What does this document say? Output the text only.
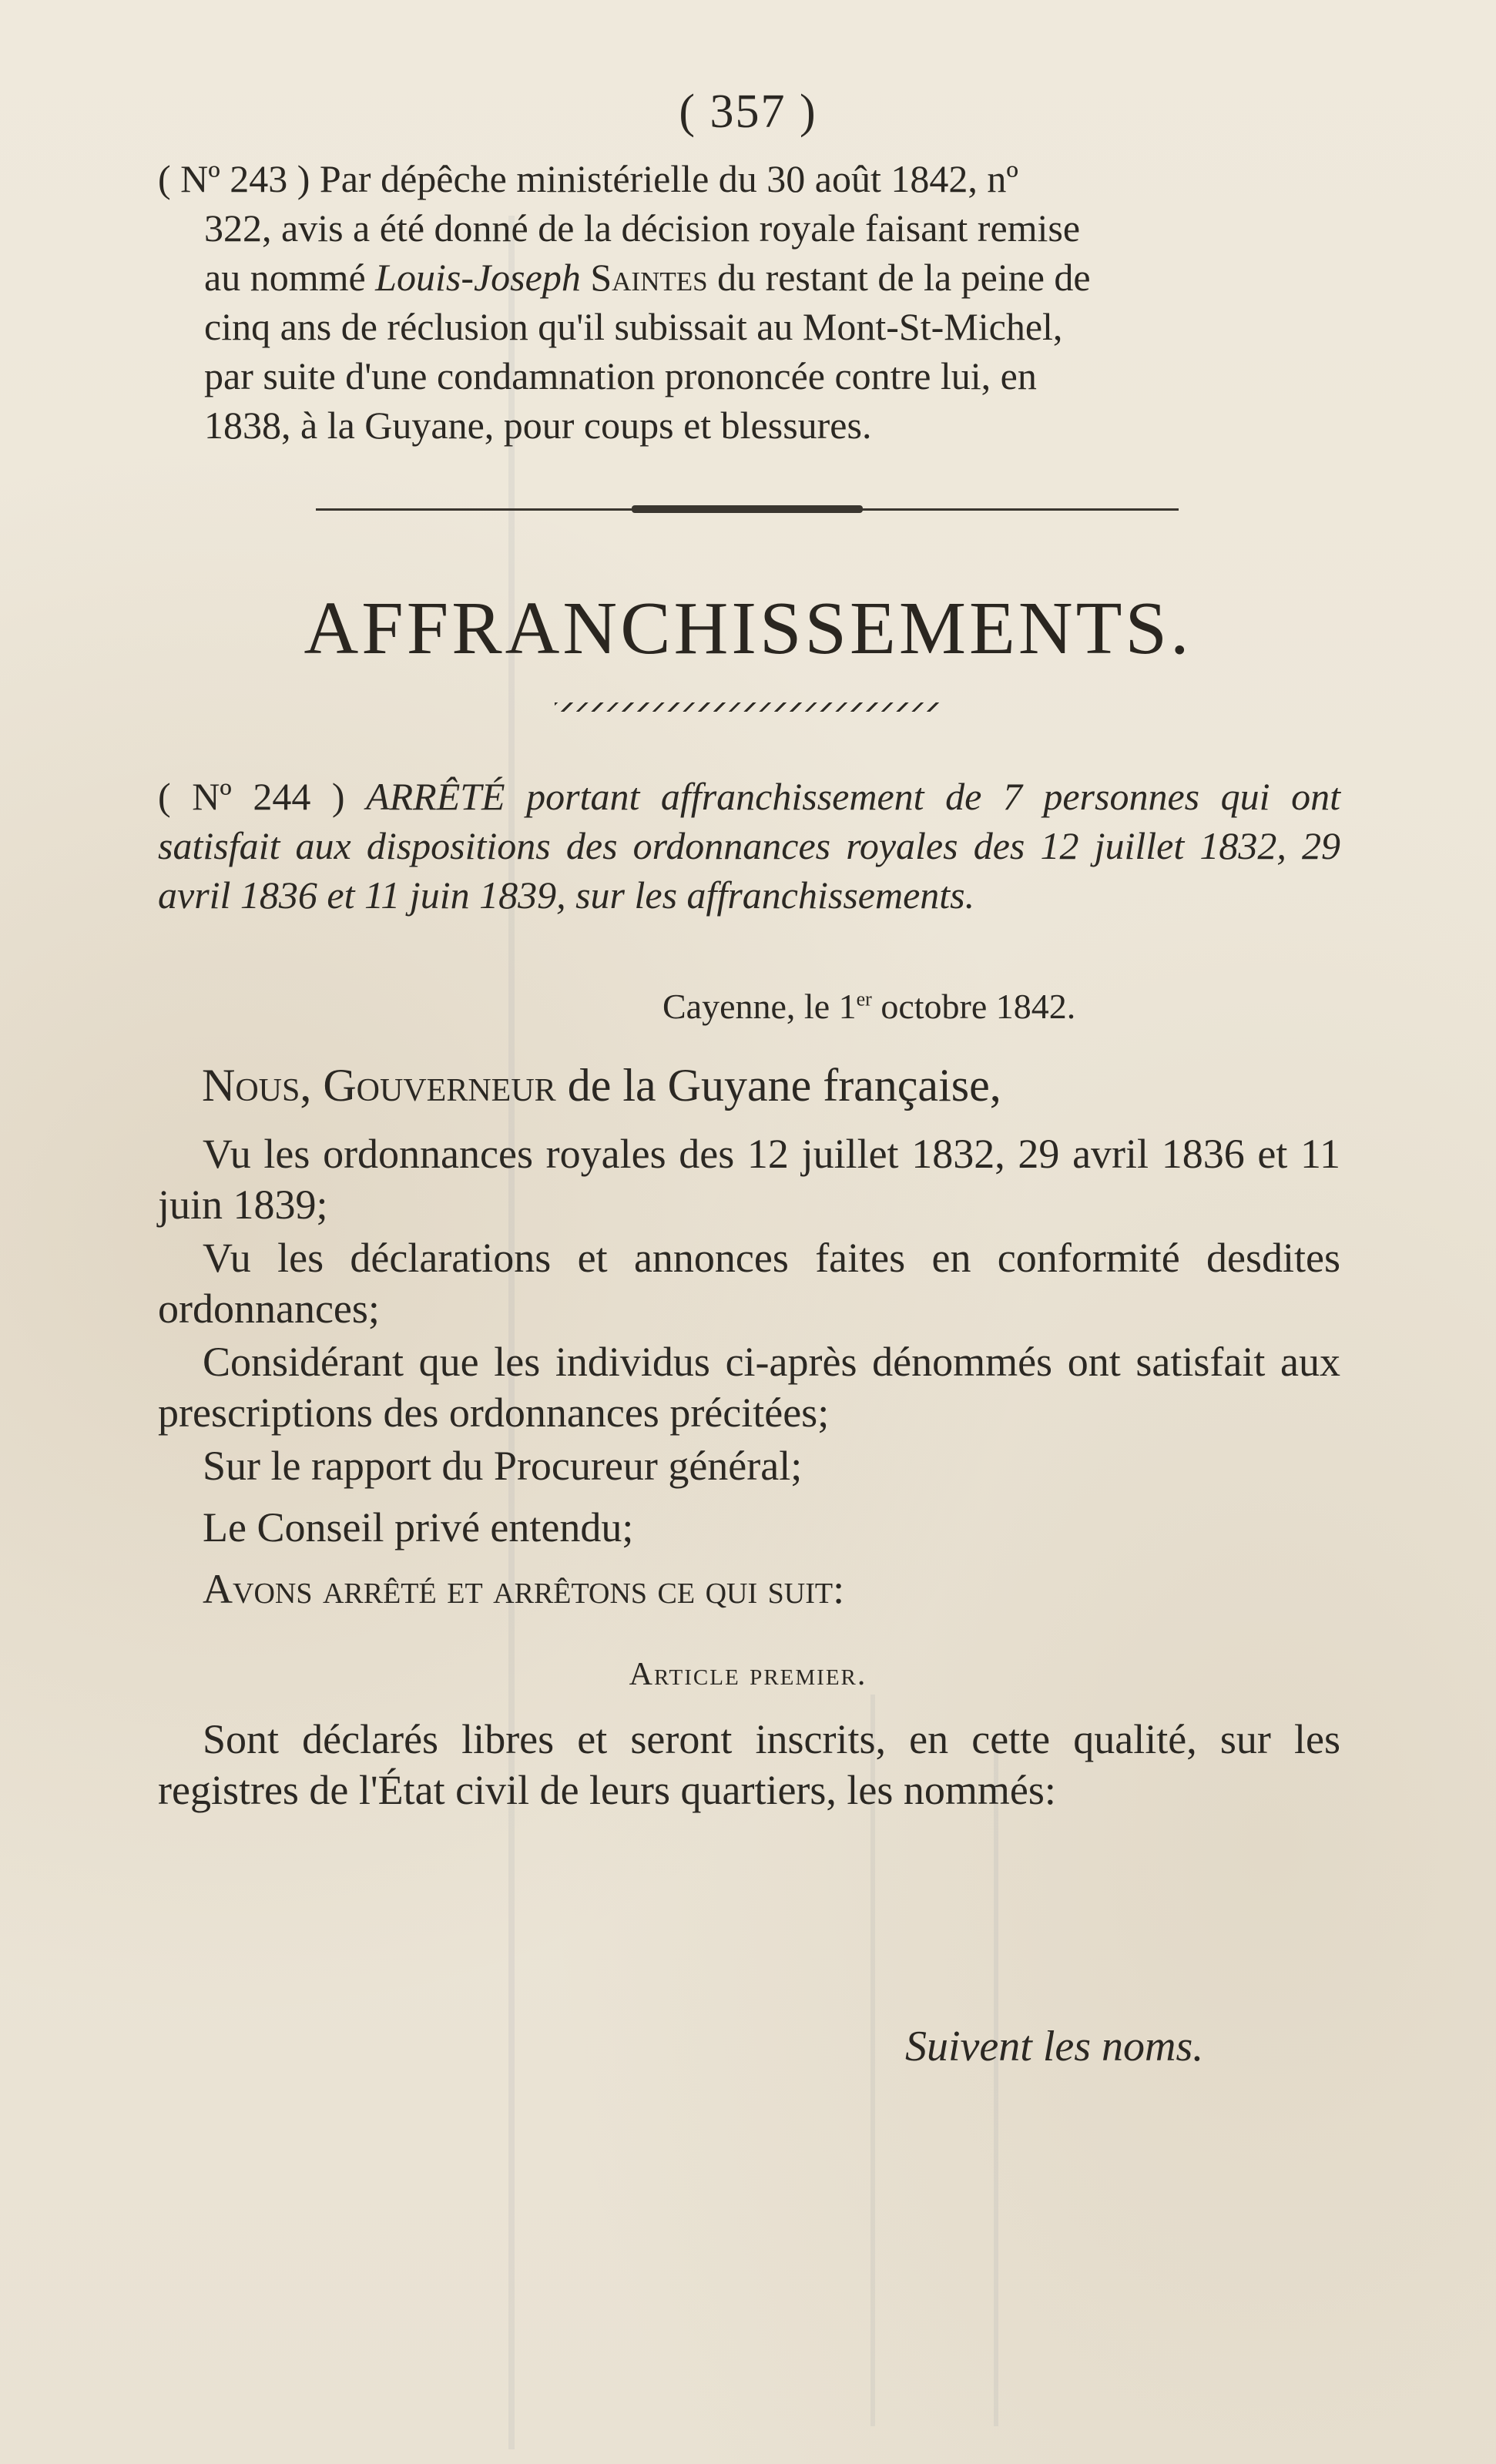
( 357 )
( Nº 243 ) Par dépêche ministérielle du 30 août 1842, nº
322, avis a été donné de la décision royale faisant remise
au nommé Louis-Joseph Saintes du restant de la peine de
cinq ans de réclusion qu'il subissait au Mont-St-Michel,
par suite d'une condamnation prononcée contre lui, en
1838, à la Guyane, pour coups et blessures.
AFFRANCHISSEMENTS.
( Nº 244 ) ARRÊTÉ portant affranchissement de 7 personnes qui ont satisfait aux dispositions des ordonnances royales des 12 juillet 1832, 29 avril 1836 et 11 juin 1839, sur les affranchissements.
Cayenne, le 1er octobre 1842.
Nous, Gouverneur de la Guyane française,
Vu les ordonnances royales des 12 juillet 1832, 29 avril 1836 et 11 juin 1839;
Vu les déclarations et annonces faites en conformité desdites ordonnances;
Considérant que les individus ci-après dénommés ont satisfait aux prescriptions des ordonnances précitées;
Sur le rapport du Procureur général;
Le Conseil privé entendu;
Avons arrêté et arrêtons ce qui suit:
Article premier.
Sont déclarés libres et seront inscrits, en cette qualité, sur les registres de l'État civil de leurs quartiers, les nommés:
Suivent les noms.
